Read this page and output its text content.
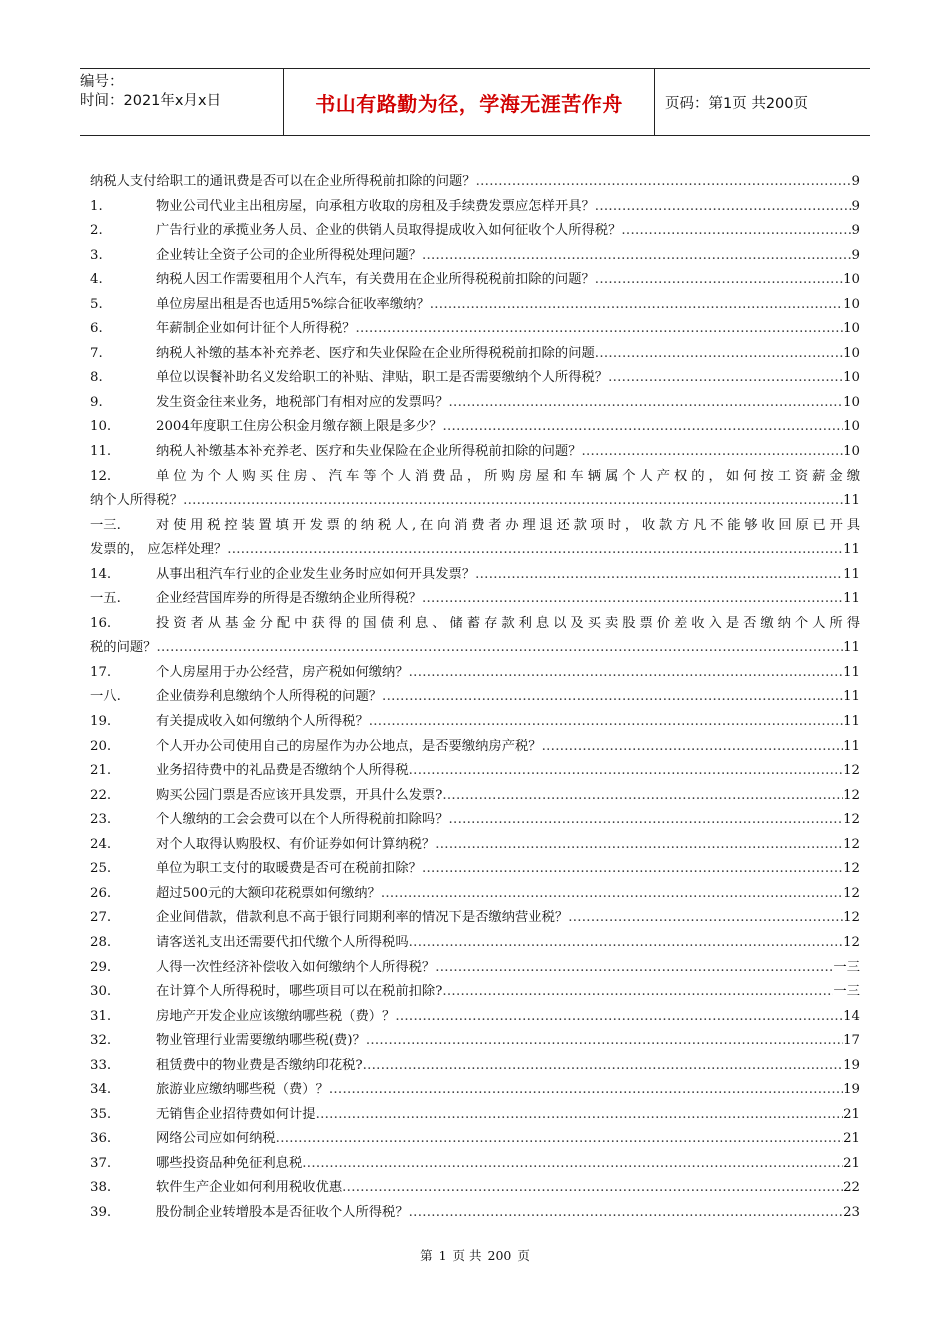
编号：
时间：2021年x月x日	书山有路勤为径，学海无涯苦作舟	页码：第1页 共200页
纳税人支付给职工的通讯费是否可以在企业所得税前扣除的问题？ .....	9
1.	物业公司代业主出租房屋，向承租方收取的房租及手续费发票应怎样开具？ .....	9
2.	广告行业的承揽业务人员、企业的供销人员取得提成收入如何征收个人所得税？ .....	9
3.	企业转让全资子公司的企业所得税处理问题？ .....	9
4.	纳税人因工作需要租用个人汽车，有关费用在企业所得税税前扣除的问题？ .....	10
5.	单位房屋出租是否也适用5%综合征收率缴纳？ .....	10
6.	年薪制企业如何计征个人所得税？ .....	10
7.	纳税人补缴的基本补充养老、医疗和失业保险在企业所得税税前扣除的问题 .....	10
8.	单位以误餐补助名义发给职工的补贴、津贴，职工是否需要缴纳个人所得税？ .....	10
9.	发生资金往来业务，地税部门有相对应的发票吗？ .....	10
10.	2004年度职工住房公积金月缴存额上限是多少？ .....	10
11.	纳税人补缴基本补充养老、医疗和失业保险在企业所得税前扣除的问题？ .....	10
12.	单位为个人购买住房、汽车等个人消费品，所购房屋和车辆属个人产权的，如何按工资薪金缴
纳个人所得税？ .....	11
一三.	对使用税控装置填开发票的纳税人,在向消费者办理退还款项时，收款方凡不能够收回原已开具
发票的， 应怎样处理？ .....	11
14.	从事出租汽车行业的企业发生业务时应如何开具发票？ .....	11
一五.	企业经营国库券的所得是否缴纳企业所得税？ .....	11
16.	投资者从基金分配中获得的国债利息、储蓄存款利息以及买卖股票价差收入是否缴纳个人所得
税的问题？ .....	11
17.	个人房屋用于办公经营，房产税如何缴纳？ .....	11
一八.	企业债券利息缴纳个人所得税的问题？ .....	11
19.	有关提成收入如何缴纳个人所得税？ .....	11
20.	个人开办公司使用自己的房屋作为办公地点，是否要缴纳房产税？ .....	11
21.	业务招待费中的礼品费是否缴纳个人所得税 .....	12
22.	购买公园门票是否应该开具发票，开具什么发票? .....	12
23.	个人缴纳的工会会费可以在个人所得税前扣除吗？ .....	12
24.	对个人取得认购股权、有价证券如何计算纳税？ .....	12
25.	单位为职工支付的取暖费是否可在税前扣除？ .....	12
26.	超过500元的大额印花税票如何缴纳？ .....	12
27.	企业间借款，借款利息不高于银行同期利率的情况下是否缴纳营业税？ .....	12
28.	请客送礼支出还需要代扣代缴个人所得税吗 .....	12
29.	人得一次性经济补偿收入如何缴纳个人所得税？ .....	一三
30.	在计算个人所得税时，哪些项目可以在税前扣除? .....	一三
31.	房地产开发企业应该缴纳哪些税（费）？ .....	14
32.	物业管理行业需要缴纳哪些税(费)？ .....	17
33.	租赁费中的物业费是否缴纳印花税? .....	19
34.	旅游业应缴纳哪些税（费）？ .....	19
35.	无销售企业招待费如何计提 .....	21
36.	网络公司应如何纳税 .....	21
37.	哪些投资品种免征利息税 .....	21
38.	软件生产企业如何利用税收优惠 .....	22
39.	股份制企业转增股本是否征收个人所得税？ .....	23
第 1 页 共 200 页
